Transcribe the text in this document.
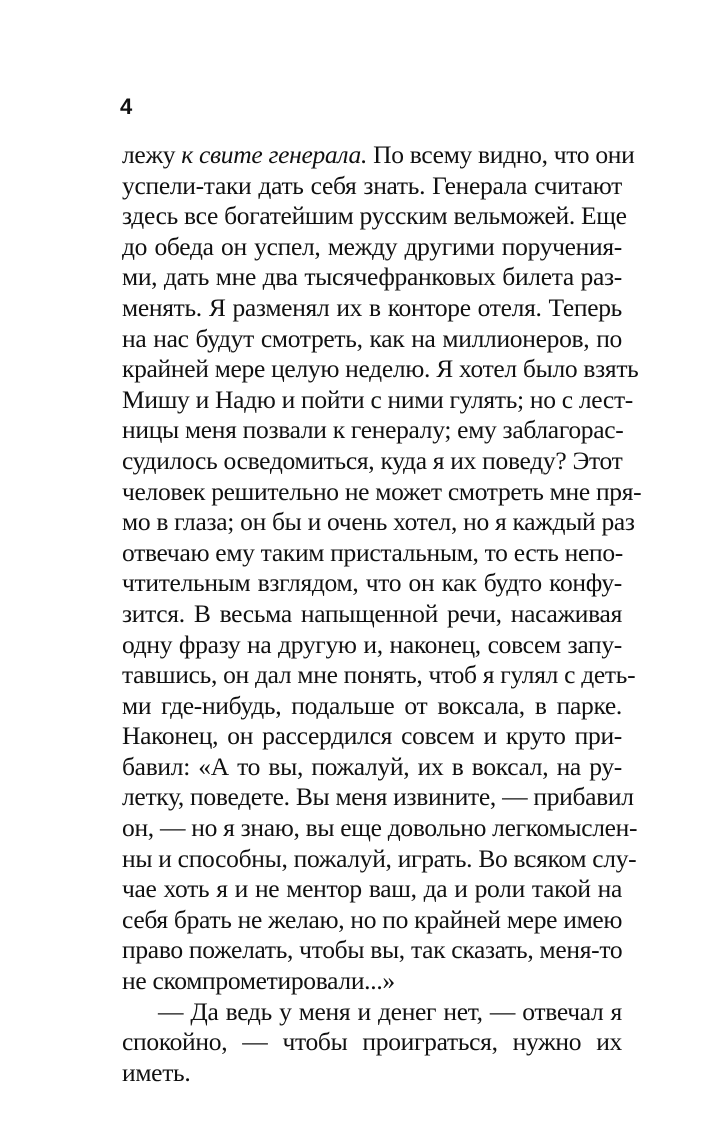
4
лежу к свите генерала. По всему видно, что они
успели-таки дать себя знать. Генерала считают
здесь все богатейшим русским вельможей. Еще
до обеда он успел, между другими поручения-
ми, дать мне два тысячефранковых билета раз-
менять. Я разменял их в конторе отеля. Теперь
на нас будут смотреть, как на миллионеров, по
крайней мере целую неделю. Я хотел было взять
Мишу и Надю и пойти с ними гулять; но с лест-
ницы меня позвали к генералу; ему заблагорас-
судилось осведомиться, куда я их поведу? Этот
человек решительно не может смотреть мне пря-
мо в глаза; он бы и очень хотел, но я каждый раз
отвечаю ему таким пристальным, то есть непо-
чтительным взглядом, что он как будто конфу-
зится. В весьма напыщенной речи, насаживая
одну фразу на другую и, наконец, совсем запу-
тавшись, он дал мне понять, чтоб я гулял с деть-
ми где-нибудь, подальше от воксала, в парке.
Наконец, он рассердился совсем и круто при-
бавил: «А то вы, пожалуй, их в воксал, на ру-
летку, поведете. Вы меня извините, — прибавил
он, — но я знаю, вы еще довольно легкомыслен-
ны и способны, пожалуй, играть. Во всяком слу-
чае хоть я и не ментор ваш, да и роли такой на
себя брать не желаю, но по крайней мере имею
право пожелать, чтобы вы, так сказать, меня-то
не скомпрометировали...»
— Да ведь у меня и денег нет, — отвечал я
спокойно, — чтобы проиграться, нужно их
иметь.
